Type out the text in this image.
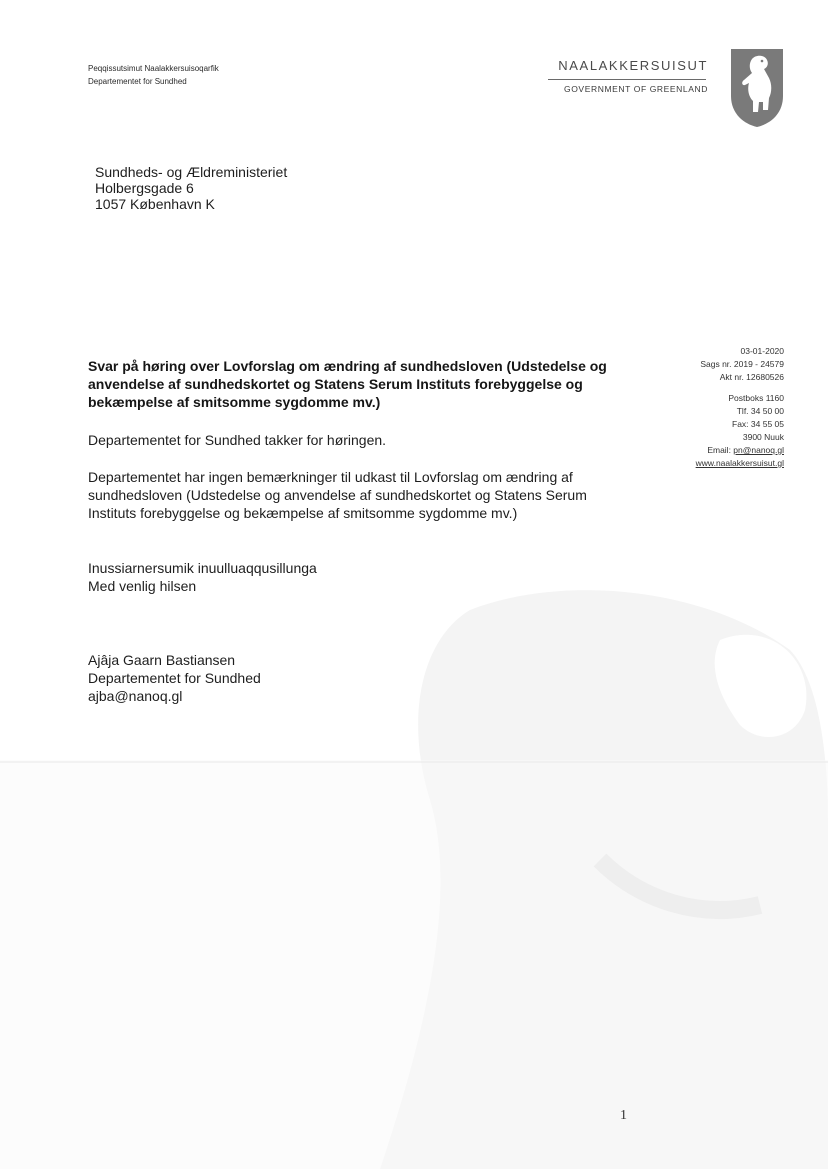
Peqqissutsimut Naalakkersuisoqarfik
Departementet for Sundhed
NAALAKKERSUISUT
GOVERNMENT OF GREENLAND
Sundheds- og Ældreministeriet
Holbergsgade 6
1057 København K
03-01-2020
Sags nr. 2019 - 24579
Akt nr. 12680526
Postboks 1160
Tlf. 34 50 00
Fax: 34 55 05
3900 Nuuk
Email: pn@nanoq.gl
www.naalakkersuisut.gl
Svar på høring over Lovforslag om ændring af sundhedsloven (Udstedelse og anvendelse af sundhedskortet og Statens Serum Instituts forebyggelse og bekæmpelse af smitsomme sygdomme mv.)
Departementet for Sundhed takker for høringen.
Departementet har ingen bemærkninger til udkast til Lovforslag om ændring af sundhedsloven (Udstedelse og anvendelse af sundhedskortet og Statens Serum Instituts forebyggelse og bekæmpelse af smitsomme sygdomme mv.)
Inussiarnersumik inuulluaqqusillunga
Med venlig hilsen
Ajâja Gaarn Bastiansen
Departementet for Sundhed
ajba@nanoq.gl
1
